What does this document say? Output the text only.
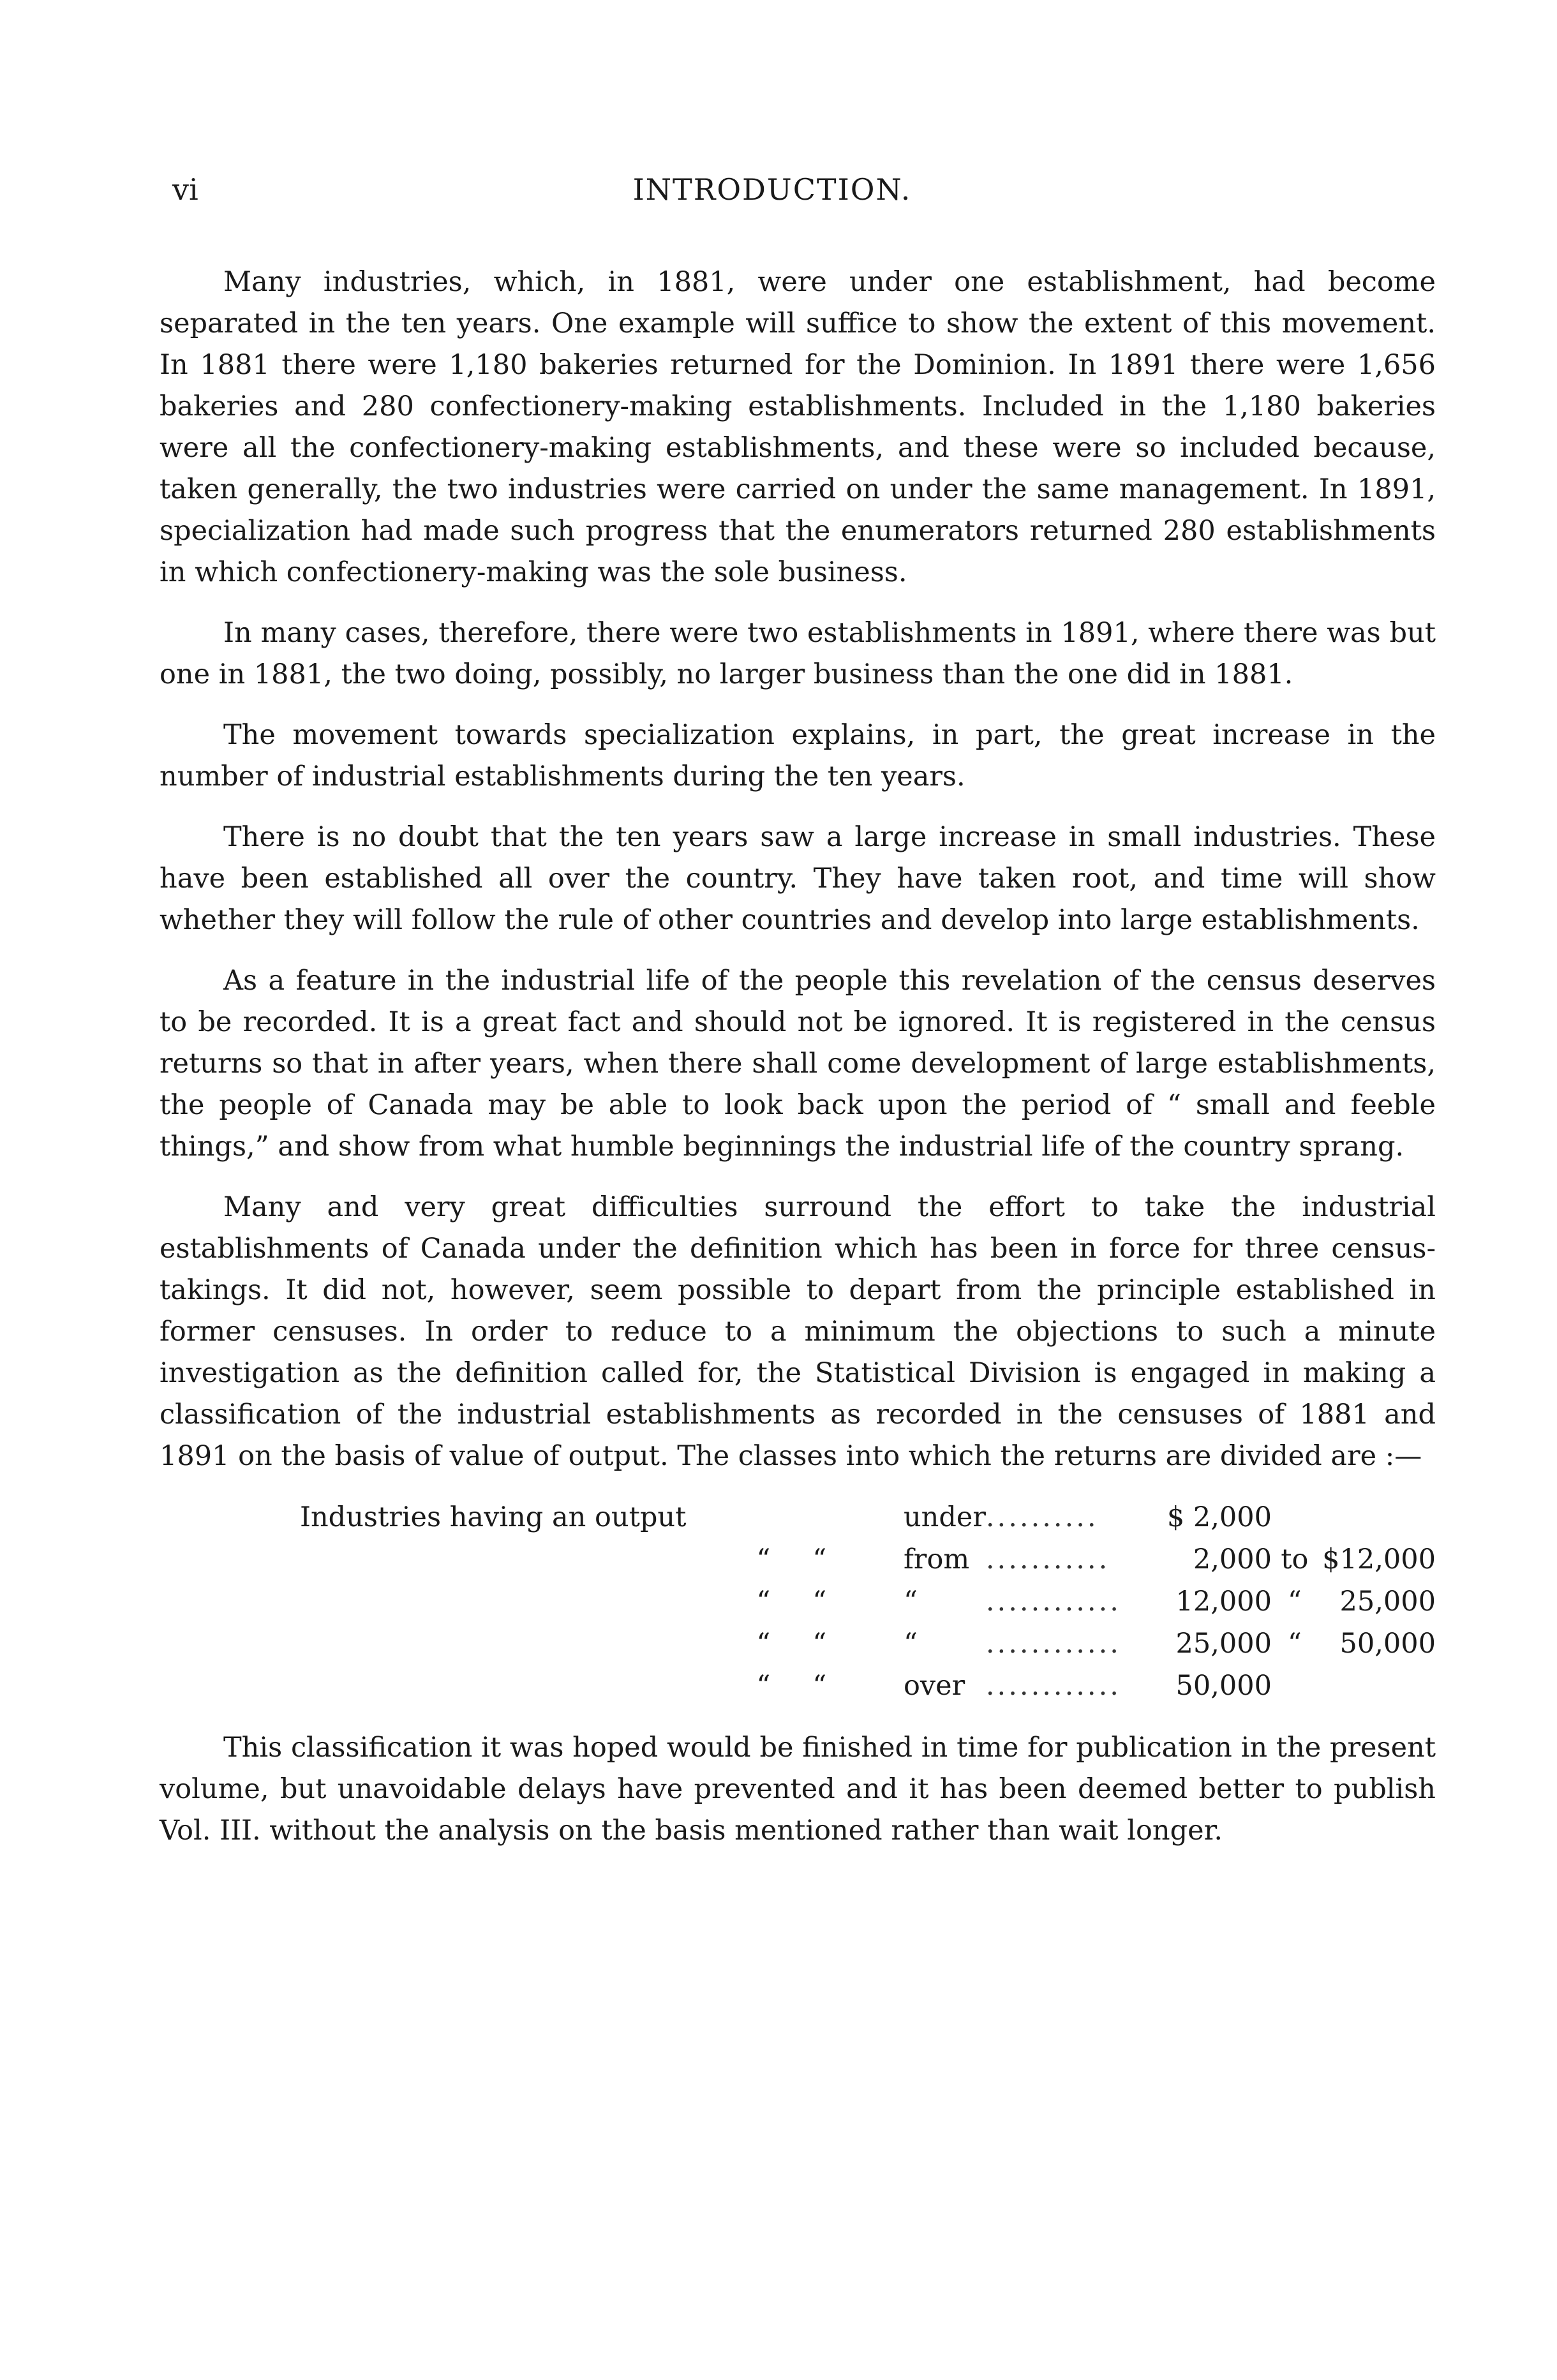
vi	INTRODUCTION.

Many industries, which, in 1881, were under one establishment, had become separated in the ten years. One example will suffice to show the extent of this movement. In 1881 there were 1,180 bakeries returned for the Dominion. In 1891 there were 1,656 bakeries and 280 confectionery-making establishments. Included in the 1,180 bakeries were all the confectionery-making establishments, and these were so included because, taken generally, the two industries were carried on under the same management. In 1891, specialization had made such progress that the enumerators returned 280 establishments in which confectionery-making was the sole business.

In many cases, therefore, there were two establishments in 1891, where there was but one in 1881, the two doing, possibly, no larger business than the one did in 1881.

The movement towards specialization explains, in part, the great increase in the number of industrial establishments during the ten years.

There is no doubt that the ten years saw a large increase in small industries. These have been established all over the country. They have taken root, and time will show whether they will follow the rule of other countries and develop into large establishments.

As a feature in the industrial life of the people this revelation of the census deserves to be recorded. It is a great fact and should not be ignored. It is registered in the census returns so that in after years, when there shall come development of large establishments, the people of Canada may be able to look back upon the period of “ small and feeble things,” and show from what humble beginnings the industrial life of the country sprang.

Many and very great difficulties surround the effort to take the industrial establishments of Canada under the definition which has been in force for three census-takings. It did not, however, seem possible to depart from the principle established in former censuses. In order to reduce to a minimum the objections to such a minute investigation as the definition called for, the Statistical Division is engaged in making a classification of the industrial establishments as recorded in the censuses of 1881 and 1891 on the basis of value of output. The classes into which the returns are divided are :—

Industries having an output			under	..........	$ 2,000		
	“	“	from	...........	2,000	to	$12,000
	“	“	“	............	12,000	“	25,000
	“	“	“	............	25,000	“	50,000
	“	“	over	............	50,000		

This classification it was hoped would be finished in time for publication in the present volume, but unavoidable delays have prevented and it has been deemed better to publish Vol. III. without the analysis on the basis mentioned rather than wait longer.
